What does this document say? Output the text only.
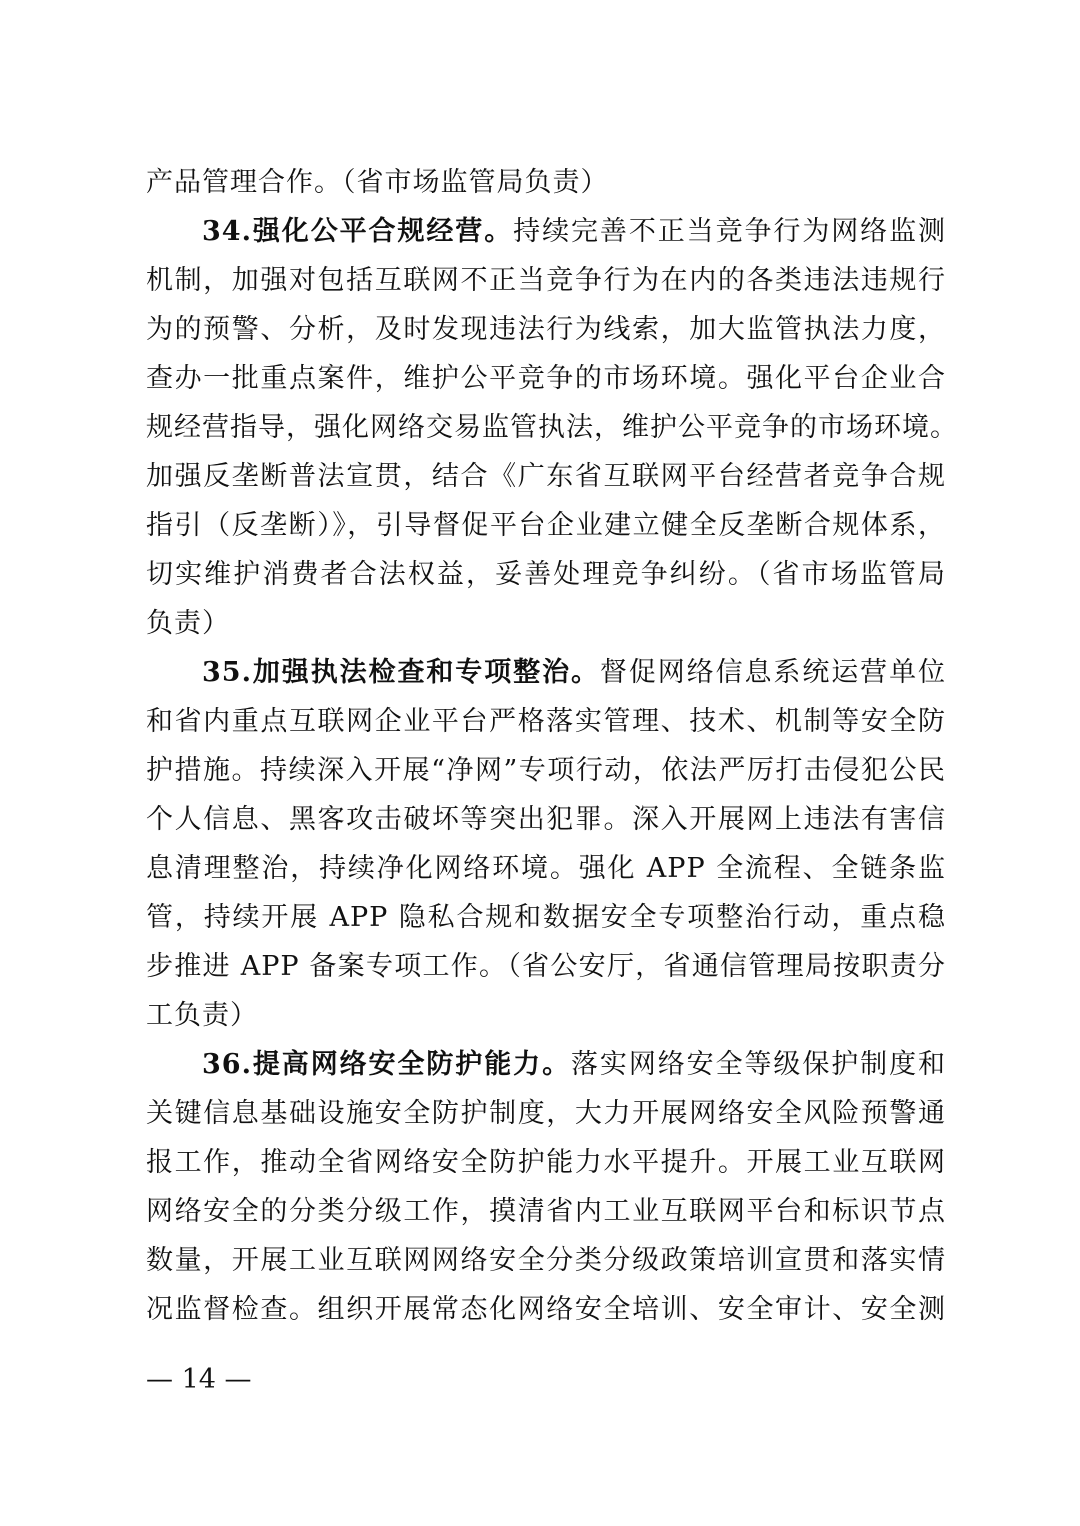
产品管理合作。（省市场监管局负责）
34.强化公平合规经营。持续完善不正当竞争行为网络监测
机制，加强对包括互联网不正当竞争行为在内的各类违法违规行
为的预警、分析，及时发现违法行为线索，加大监管执法力度，
查办一批重点案件，维护公平竞争的市场环境。强化平台企业合
规经营指导，强化网络交易监管执法，维护公平竞争的市场环境。
加强反垄断普法宣贯，结合《广东省互联网平台经营者竞争合规
指引（反垄断）》，引导督促平台企业建立健全反垄断合规体系，
切实维护消费者合法权益，妥善处理竞争纠纷。（省市场监管局
负责）
35.加强执法检查和专项整治。督促网络信息系统运营单位
和省内重点互联网企业平台严格落实管理、技术、机制等安全防
护措施。持续深入开展“净网”专项行动，依法严厉打击侵犯公民
个人信息、黑客攻击破坏等突出犯罪。深入开展网上违法有害信
息清理整治，持续净化网络环境。强化 APP 全流程、全链条监
管，持续开展 APP 隐私合规和数据安全专项整治行动，重点稳
步推进 APP 备案专项工作。（省公安厅，省通信管理局按职责分
工负责）
36.提高网络安全防护能力。落实网络安全等级保护制度和
关键信息基础设施安全防护制度，大力开展网络安全风险预警通
报工作，推动全省网络安全防护能力水平提升。开展工业互联网
网络安全的分类分级工作，摸清省内工业互联网平台和标识节点
数量，开展工业互联网网络安全分类分级政策培训宣贯和落实情
况监督检查。组织开展常态化网络安全培训、安全审计、安全测
— 14 —
